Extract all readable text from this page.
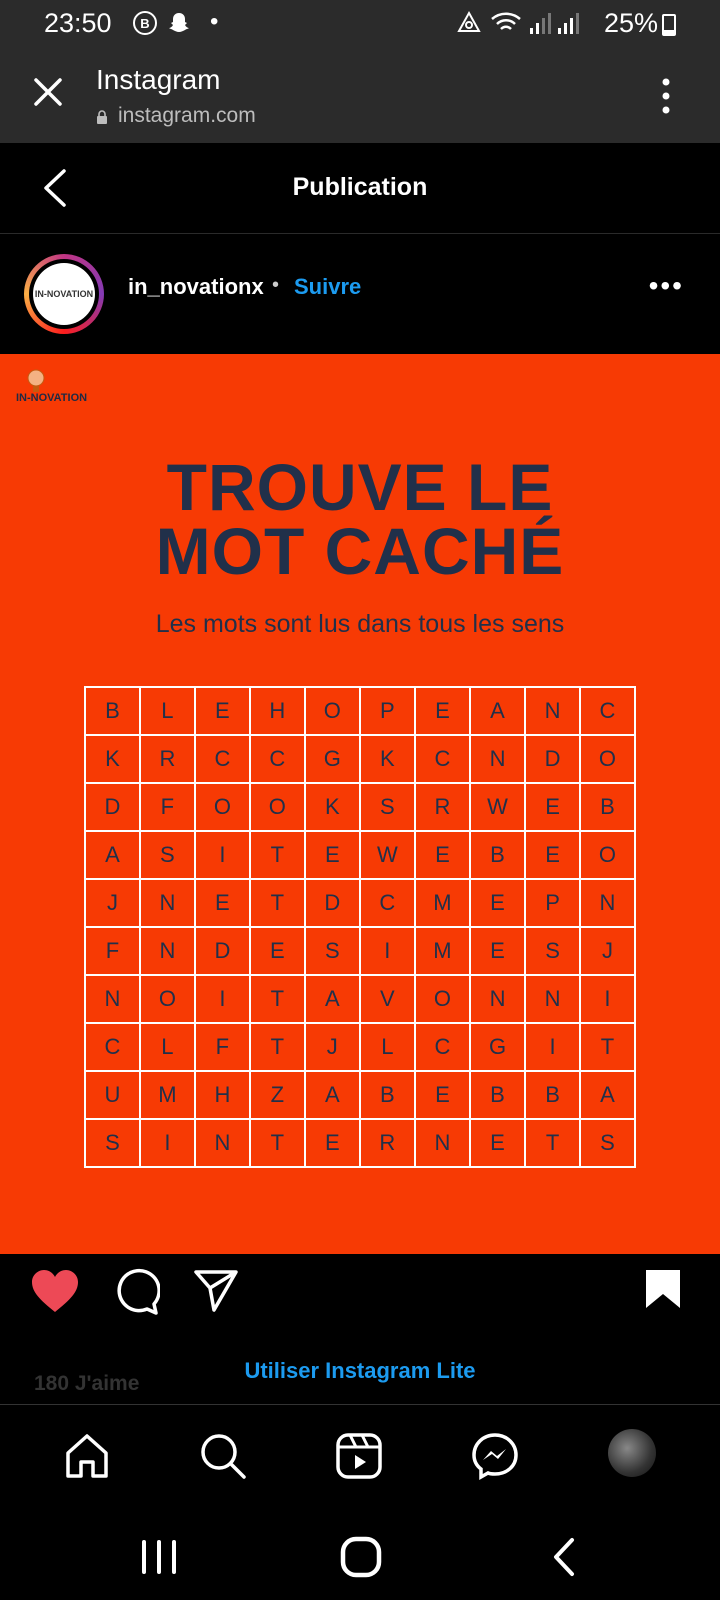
23:50 B	•	25%
Instagram
instagram.com
Publication
IN-NOVATION in_novationx • Suivre	•••
IN-NOVATION
TROUVE LE
MOT CACHÉ
Les mots sont lus dans tous les sens
B	L	E	H	O	P	E	A	N	C
K	R	C	C	G	K	C	N	D	O
D	F	O	O	K	S	R	W	E	B
A	S	I	T	E	W	E	B	E	O
J	N	E	T	D	C	M	E	P	N
F	N	D	E	S	I	M	E	S	J
N	O	I	T	A	V	O	N	N	I
C	L	F	T	J	L	C	G	I	T
U	M	H	Z	A	B	E	B	B	A
S	I	N	T	E	R	N	E	T	S
180 J'aime
Utiliser Instagram Lite
